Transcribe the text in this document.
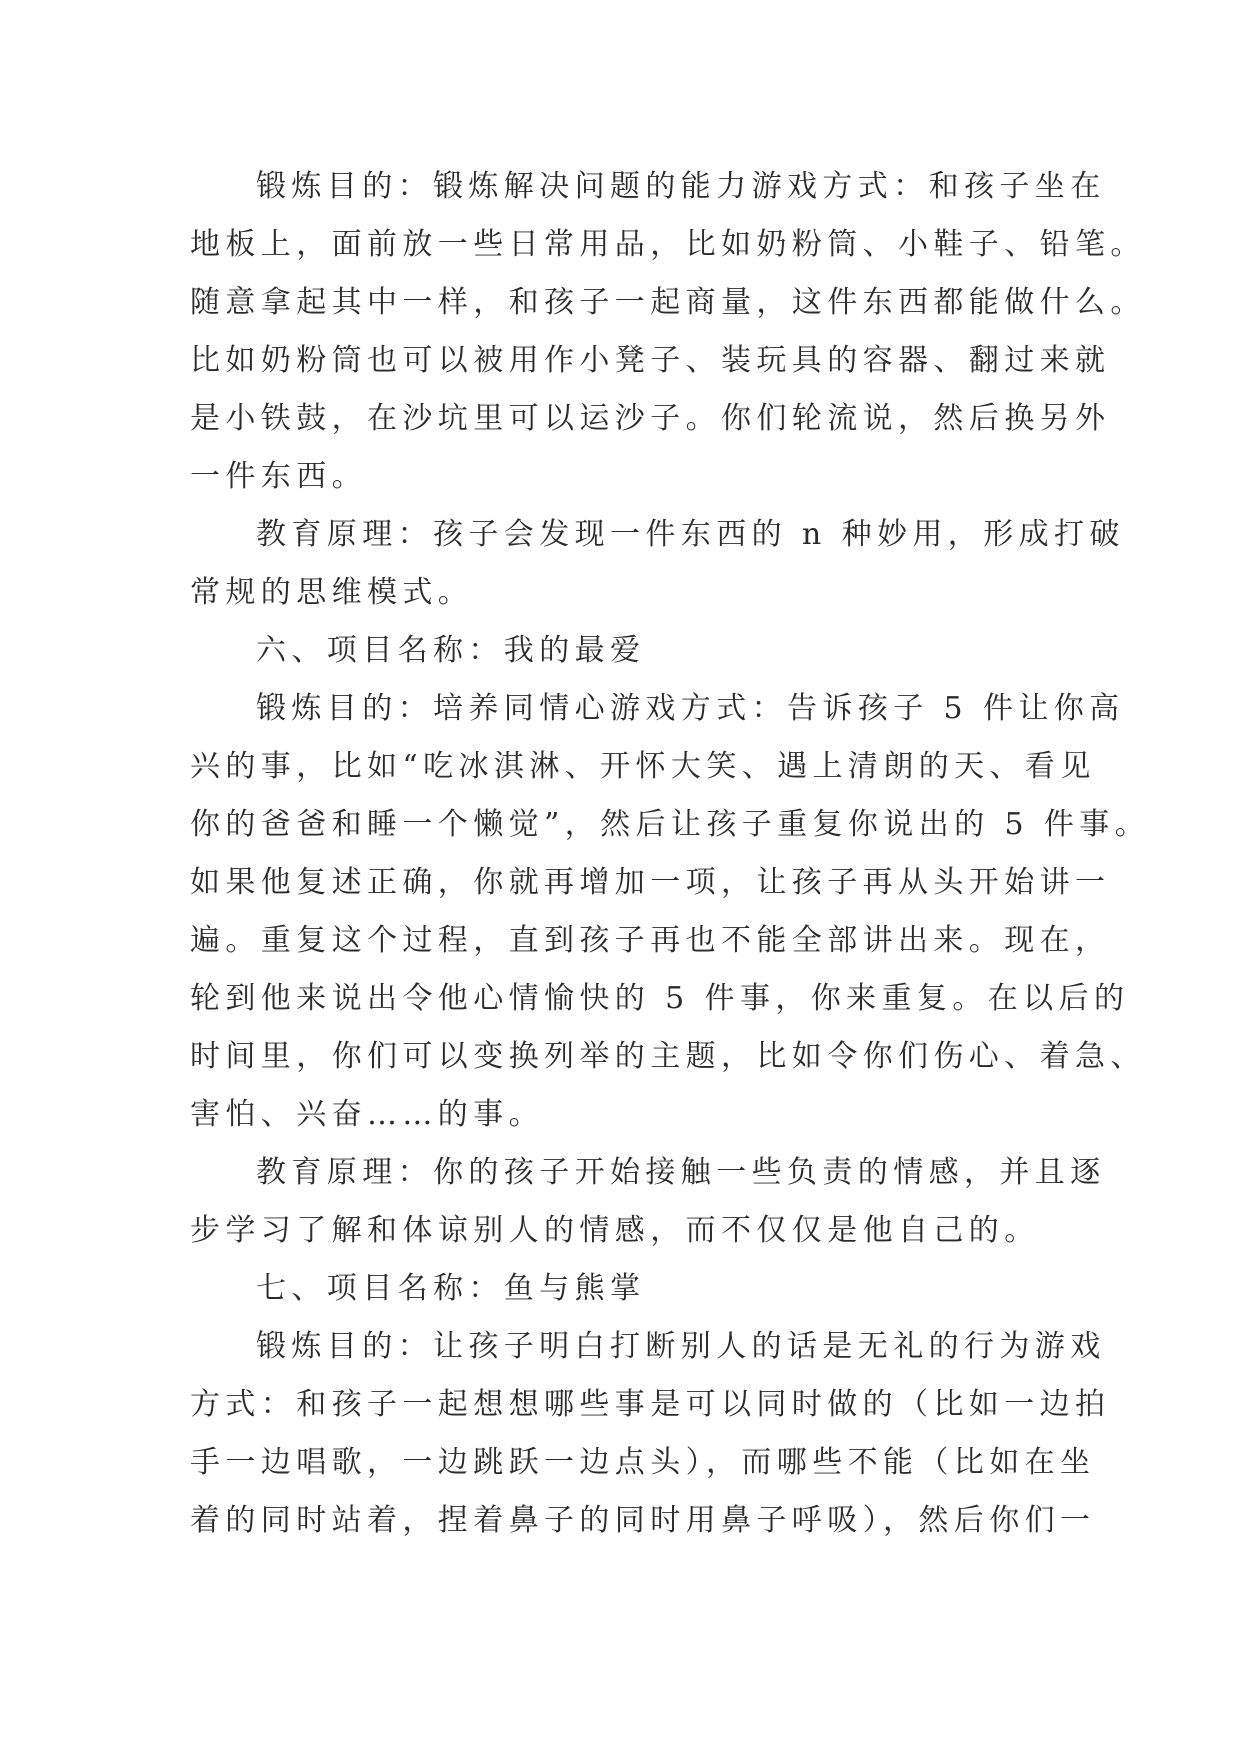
锻炼目的：锻炼解决问题的能力游戏方式：和孩子坐在
地板上，面前放一些日常用品，比如奶粉筒、小鞋子、铅笔。
随意拿起其中一样，和孩子一起商量，这件东西都能做什么。
比如奶粉筒也可以被用作小凳子、装玩具的容器、翻过来就
是小铁鼓，在沙坑里可以运沙子。你们轮流说，然后换另外
一件东西。
教育原理：孩子会发现一件东西的 n 种妙用，形成打破
常规的思维模式。
六、项目名称：我的最爱
锻炼目的：培养同情心游戏方式：告诉孩子 5 件让你高
兴的事，比如“吃冰淇淋、开怀大笑、遇上清朗的天、看见
你的爸爸和睡一个懒觉”，然后让孩子重复你说出的 5 件事。
如果他复述正确，你就再增加一项，让孩子再从头开始讲一
遍。重复这个过程，直到孩子再也不能全部讲出来。现在，
轮到他来说出令他心情愉快的 5 件事，你来重复。在以后的
时间里，你们可以变换列举的主题，比如令你们伤心、着急、
害怕、兴奋……的事。
教育原理：你的孩子开始接触一些负责的情感，并且逐
步学习了解和体谅别人的情感，而不仅仅是他自己的。
七、项目名称：鱼与熊掌
锻炼目的：让孩子明白打断别人的话是无礼的行为游戏
方式：和孩子一起想想哪些事是可以同时做的（比如一边拍
手一边唱歌，一边跳跃一边点头），而哪些不能（比如在坐
着的同时站着，捏着鼻子的同时用鼻子呼吸），然后你们一
